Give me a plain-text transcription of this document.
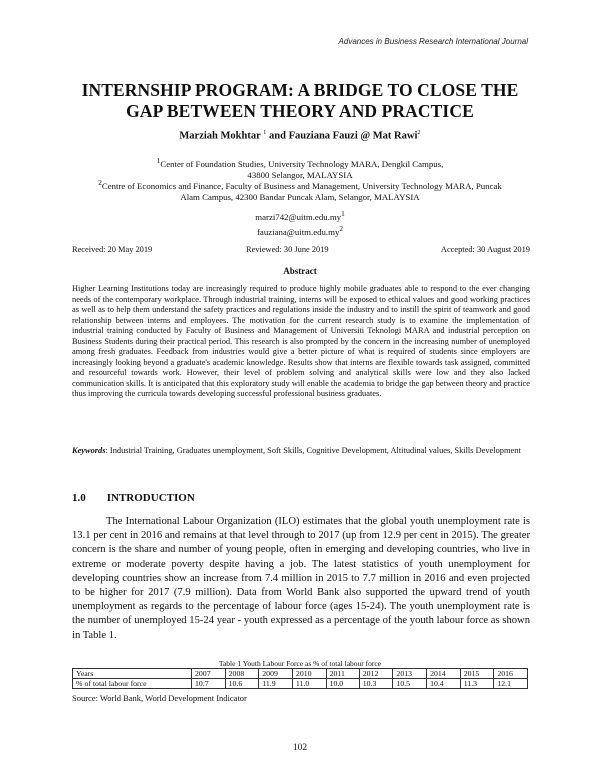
Advances in Business Research International Journal
INTERNSHIP PROGRAM: A BRIDGE TO CLOSE THE
GAP BETWEEN THEORY AND PRACTICE
Marziah Mokhtar $^1$ and Fauziana Fauzi @ Mat Rawi$^2$
$^1$Center of Foundation Studies, University Technology MARA, Dengkil Campus,
43800 Selangor, MALAYSIA
$^2$Centre of Economics and Finance, Faculty of Business and Management, University Technology MARA, Puncak
Alam Campus, 42300 Bandar Puncak Alam, Selangor, MALAYSIA
$marzi742@uitm.edu.my^1$
$fauziana@uitm.edu.my^2$
Received: 20 May 2019	Reviewed: 30 June 2019	Accepted: 30 August 2019
Abstract
Higher Learning Institutions today are increasingly required to produce highly mobile graduates able to respond to the ever changing needs of the contemporary workplace. Through industrial training, interns will be exposed to ethical values and good working practices as well as to help them understand the safety practices and regulations inside the industry and to instill the spirit of teamwork and good relationship between interns and employees. The motivation for the current research study is to examine the implementation of industrial training conducted by Faculty of Business and Management of Universiti Teknologi MARA and industrial perception on Business Students during their practical period. This research is also prompted by the concern in the increasing number of unemployed among fresh graduates. Feedback from industries would give a better picture of what is required of students since employers are increasingly looking beyond a graduate's academic knowledge. Results show that interns are flexible towards task assigned, committed and resourceful towards work. However, their level of problem solving and analytical skills were low and they also lacked communication skills. It is anticipated that this exploratory study will enable the academia to bridge the gap between theory and practice thus improving the curricula towards developing successful professional business graduates.
Keywords: Industrial Training, Graduates unemployment, Soft Skills, Cognitive Development, Altitudinal values, Skills Development
1.0 INTRODUCTION
The International Labour Organization (ILO) estimates that the global youth unemployment rate is 13.1 per cent in 2016 and remains at that level through to 2017 (up from 12.9 per cent in 2015). The greater concern is the share and number of young people, often in emerging and developing countries, who live in extreme or moderate poverty despite having a job. The latest statistics of youth unemployment for developing countries show an increase from 7.4 million in 2015 to 7.7 million in 2016 and even projected to be higher for 2017 (7.9 million). Data from World Bank also supported the upward trend of youth unemployment as regards to the percentage of labour force (ages 15-24). The youth unemployment rate is the number of unemployed 15-24 year - youth expressed as a percentage of the youth labour force as shown in Table 1.
Table 1 Youth Labour Force as % of total labour force
Years	2007	2008	2009	2010	2011	2012	2013	2014	2015	2016
% of total labour force	10.7	10.6	11.9	11.0	10.0	10.3	10.5	10.4	11.3	12.1
Source: World Bank, World Development Indicator
102
